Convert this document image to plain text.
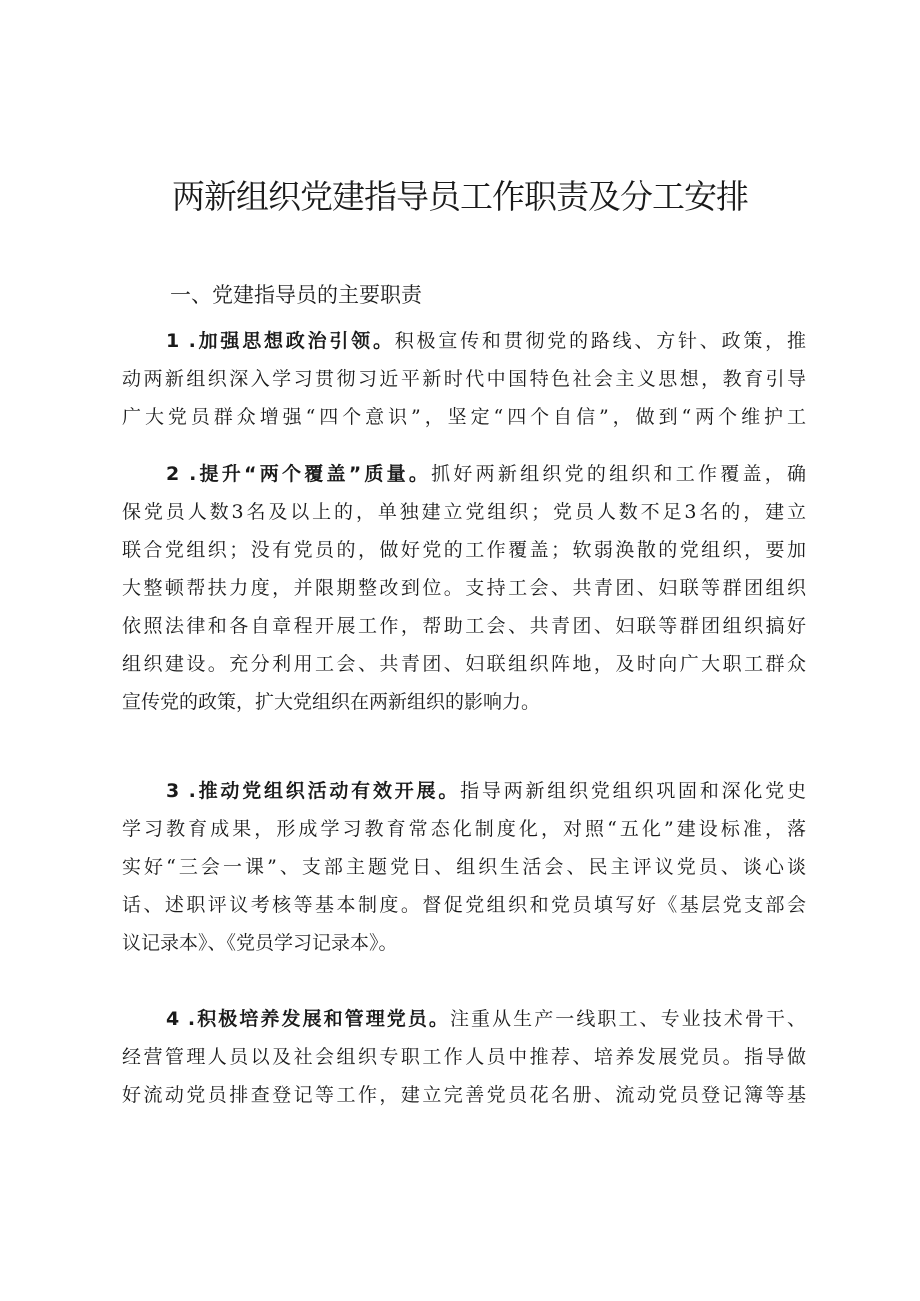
两新组织党建指导员工作职责及分工安排
一、党建指导员的主要职责
1 .加强思想政治引领。积极宣传和贯彻党的路线、方针、政策，推
动两新组织深入学习贯彻习近平新时代中国特色社会主义思想，教育引导
广大党员群众增强“四个意识”，坚定“四个自信”，做到“两个维护工
2 .提升“两个覆盖”质量。抓好两新组织党的组织和工作覆盖，确
保党员人数3名及以上的，单独建立党组织；党员人数不足3名的，建立
联合党组织；没有党员的，做好党的工作覆盖；软弱涣散的党组织，要加
大整顿帮扶力度，并限期整改到位。支持工会、共青团、妇联等群团组织
依照法律和各自章程开展工作，帮助工会、共青团、妇联等群团组织搞好
组织建设。充分利用工会、共青团、妇联组织阵地，及时向广大职工群众
宣传党的政策，扩大党组织在两新组织的影响力。
3 .推动党组织活动有效开展。指导两新组织党组织巩固和深化党史
学习教育成果，形成学习教育常态化制度化，对照“五化”建设标准，落
实好“三会一课”、支部主题党日、组织生活会、民主评议党员、谈心谈
话、述职评议考核等基本制度。督促党组织和党员填写好《基层党支部会
议记录本》、《党员学习记录本》。
4 .积极培养发展和管理党员。注重从生产一线职工、专业技术骨干、
经营管理人员以及社会组织专职工作人员中推荐、培养发展党员。指导做
好流动党员排查登记等工作，建立完善党员花名册、流动党员登记簿等基
